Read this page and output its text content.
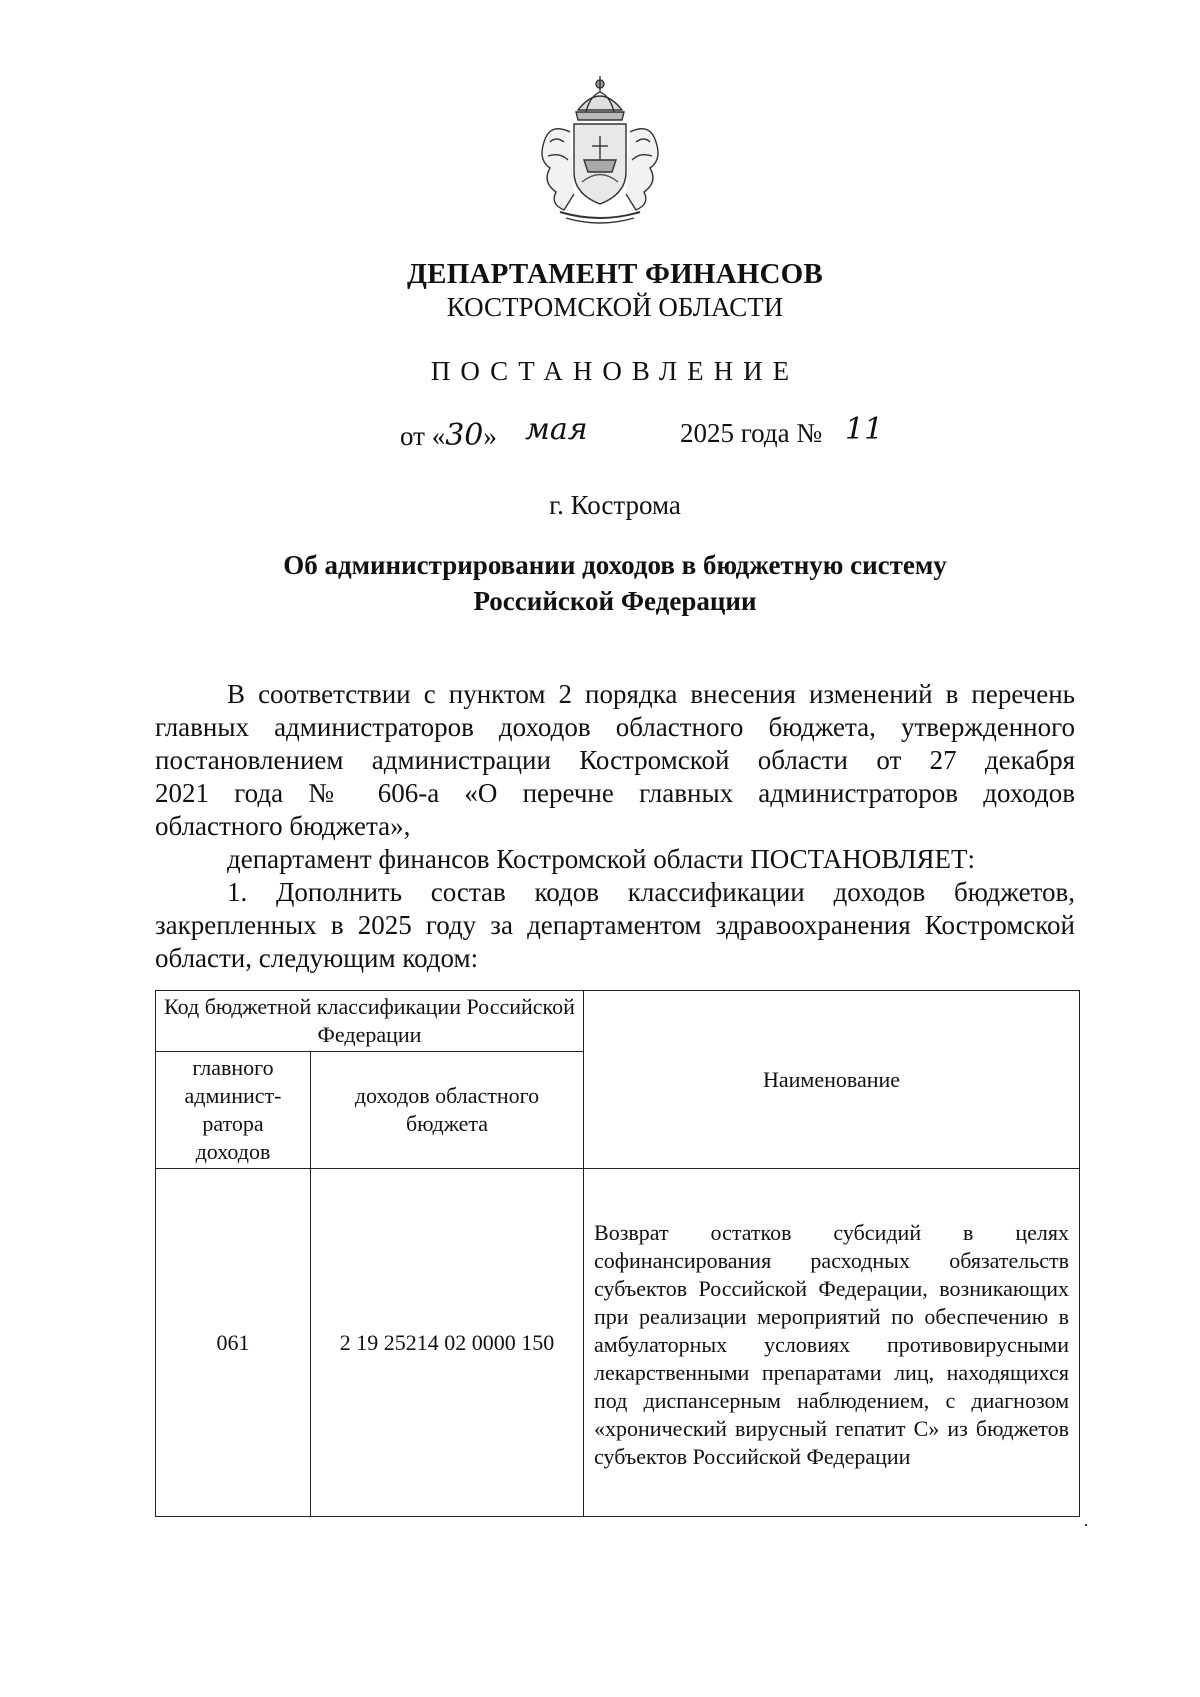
ДЕПАРТАМЕНТ ФИНАНСОВ
КОСТРОМСКОЙ ОБЛАСТИ
ПОСТАНОВЛЕНИЕ
от «30» мая	2025 года № 11
г. Кострома
Об администрировании доходов в бюджетную систему
Российской Федерации

В соответствии с пунктом 2 порядка внесения изменений в перечень

главных администраторов доходов областного бюджета, утвержденного

постановлением администрации Костромской области от 27 декабря

2021 года № 606-а «О перечне главных администраторов доходов

областного бюджета»,

департамент финансов Костромской области ПОСТАНОВЛЯЕТ:

1. Дополнить состав кодов классификации доходов бюджетов,

закрепленных в 2025 году за департаментом здравоохранения Костромской

области, следующим кодом:

Код бюджетной классификации Российской Федерации		Наименование
главного админист-ратора доходов	доходов областного бюджета	
061	2 19 25214 02 0000 150	Возврат остатков субсидий в целях софинансирования расходных обязательств субъектов Российской Федерации, возникающих при реализации мероприятий по обеспечению в амбулаторных условиях противовирусными лекарственными препаратами лиц, находящихся под диспансерным наблюдением, с диагнозом «хронический вирусный гепатит С» из бюджетов субъектов Российской Федерации
·
